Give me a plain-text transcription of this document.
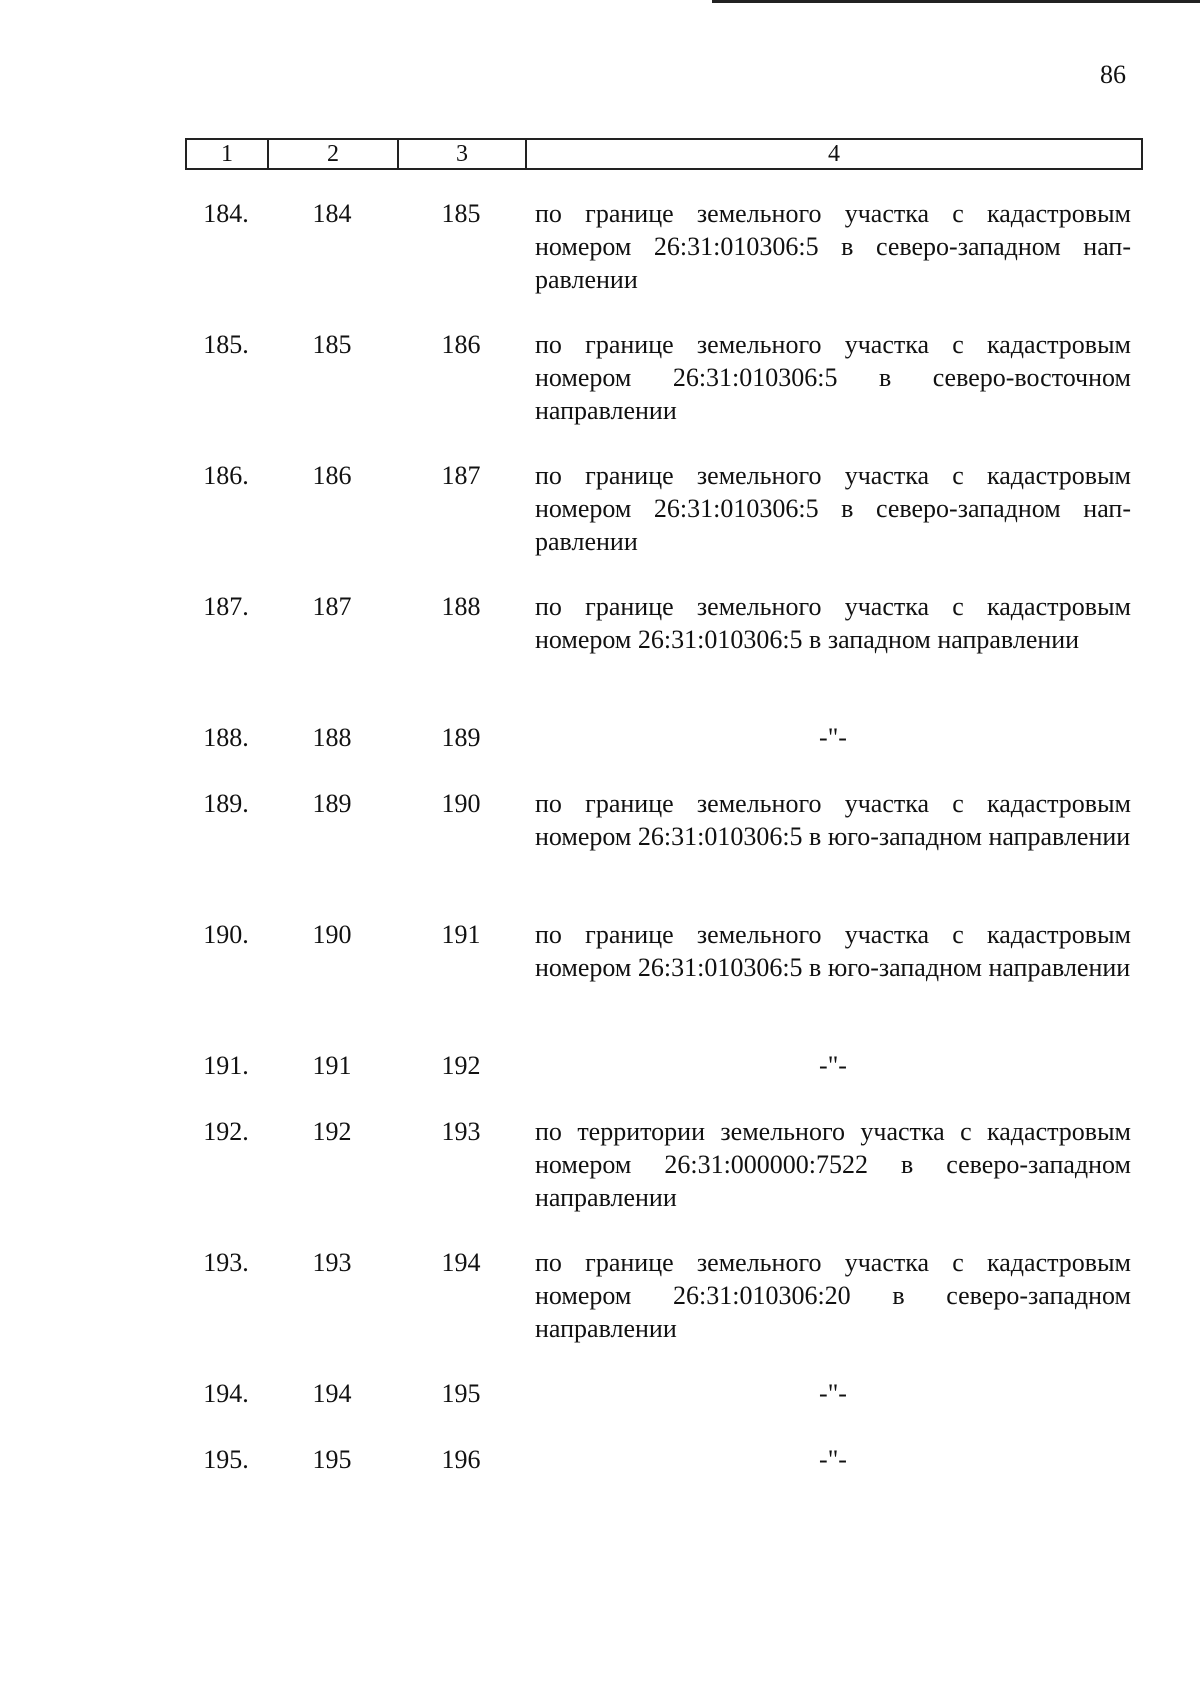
86
1	2	3	4
184.	184	185	по границе земельного участка с кадастровым номером 26:31:010306:5 в северо-западном направлении
185.	185	186	по границе земельного участка с кадастровым номером 26:31:010306:5 в северо-восточном направлении
186.	186	187	по границе земельного участка с кадастровым номером 26:31:010306:5 в северо-западном направлении
187.	187	188	по границе земельного участка с кадастровым номером 26:31:010306:5 в западном направлении
188.	188	189	-"-
189.	189	190	по границе земельного участка с кадастровым номером 26:31:010306:5 в юго-западном направлении
190.	190	191	по границе земельного участка с кадастровым номером 26:31:010306:5 в юго-западном направлении
191.	191	192	-"-
192.	192	193	по территории земельного участка с кадастровым номером 26:31:000000:7522 в северо-западном направлении
193.	193	194	по границе земельного участка с кадастровым номером 26:31:010306:20 в северо-западном направлении
194.	194	195	-"-
195.	195	196	-"-
